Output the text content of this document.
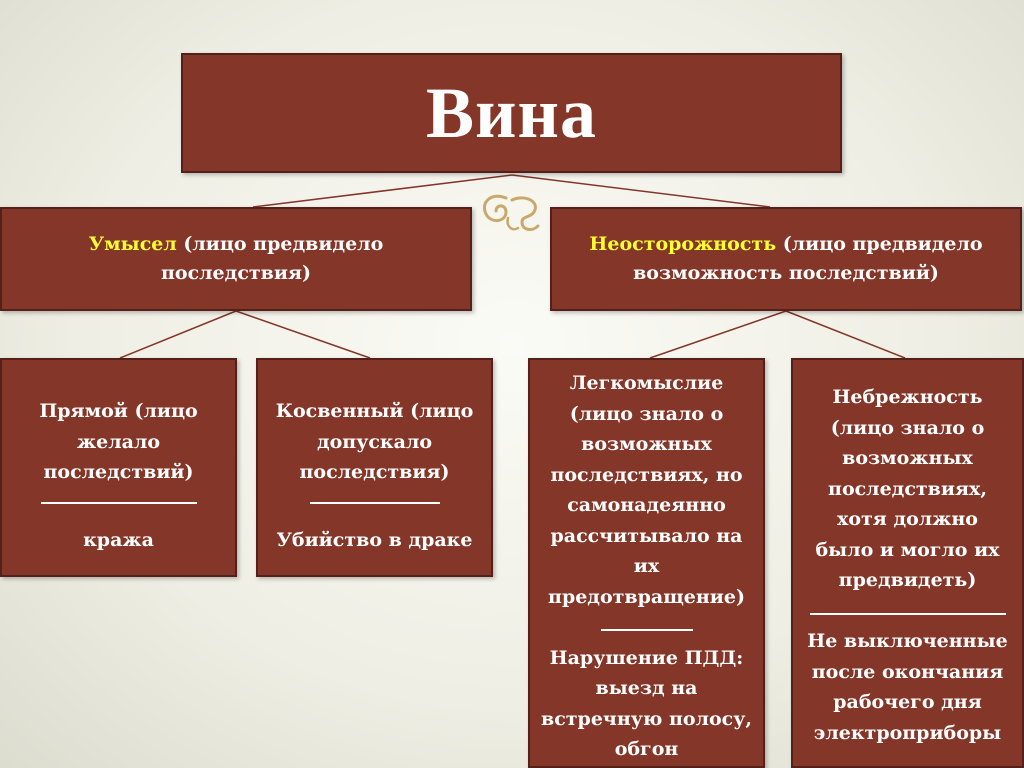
Вина
Умысел (лицо предвидело последствия)
Неосторожность (лицо предвидело возможность последствий)

Прямой (лицо желало последствий)

кража

Косвенный (лицо допускало последствия)

Убийство в драке

Легкомыслие (лицо знало о возможных последствиях, но самонадеянно рассчитывало на их предотвращение)

Нарушение ПДД: выезд на встречную полосу, обгон

Небрежность (лицо знало о возможных последствиях, хотя должно было и могло их предвидеть)

Не выключенные после окончания рабочего дня электроприборы
